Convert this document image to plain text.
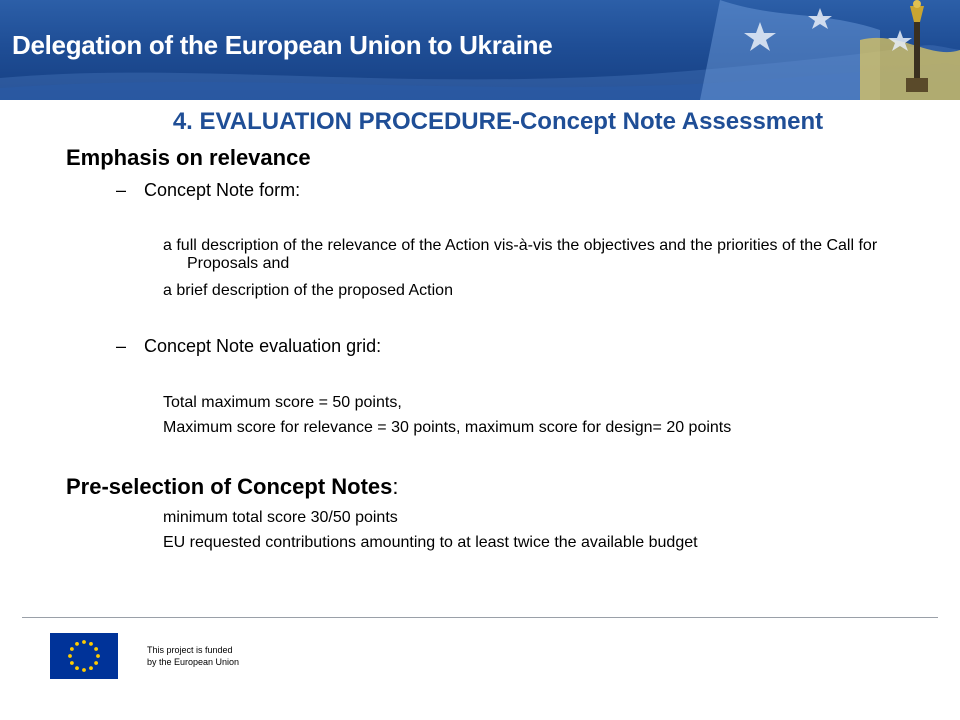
Delegation of the European Union to Ukraine
4. EVALUATION PROCEDURE-Concept Note Assessment
Emphasis on relevance
– Concept Note form:
a full description of the relevance of the Action vis-à-vis the objectives and the priorities of the Call for Proposals and
a brief description of the proposed Action
– Concept Note evaluation grid:
Total maximum score = 50 points,
Maximum score for relevance = 30 points, maximum score for design= 20 points
Pre-selection of Concept Notes:
minimum total score 30/50 points
EU requested contributions amounting to at least twice the available budget
This project is funded
by the European Union
